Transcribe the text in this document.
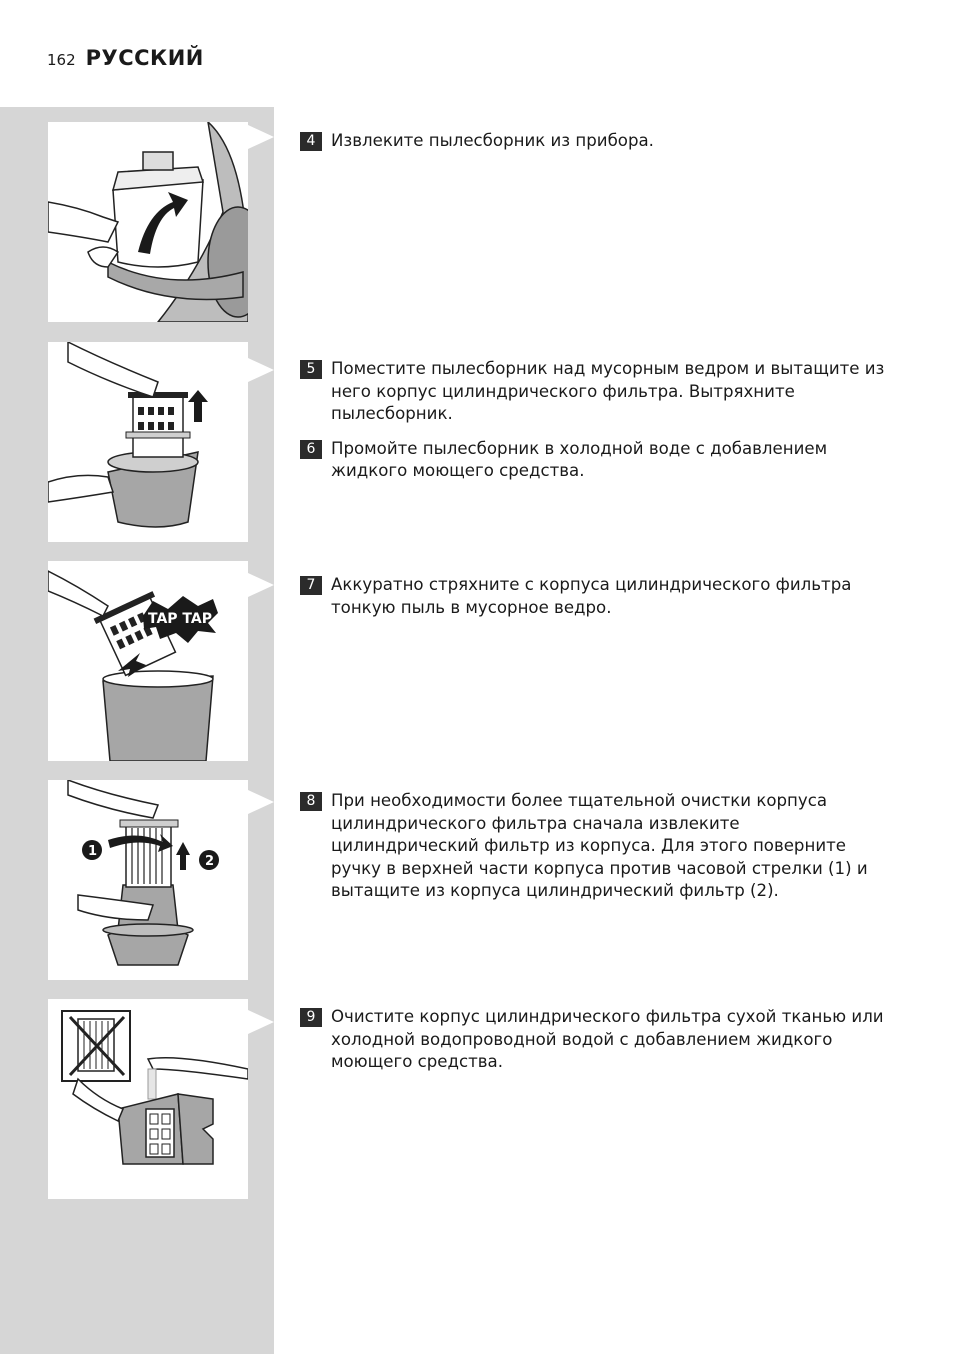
162 РУССКИЙ
TAP TAP
1
2
4 Извлеките пылесборник из прибора.
5 Поместите пылесборник над мусорным ведром и вытащите из него корпус цилиндрического фильтра. Вытряхните пылесборник.
6 Промойте пылесборник в холодной воде с добавлением жидкого моющего средства.
7 Аккуратно стряхните с корпуса цилиндрического фильтра тонкую пыль в мусорное ведро.
8 При необходимости более тщательной очистки корпуса цилиндрического фильтра сначала извлеките цилиндрический фильтр из корпуса. Для этого поверните ручку в верхней части корпуса против часовой стрелки (1) и вытащите из корпуса цилиндрический фильтр (2).
9 Очистите корпус цилиндрического фильтра сухой тканью или холодной водопроводной водой с добавлением жидкого моющего средства.
